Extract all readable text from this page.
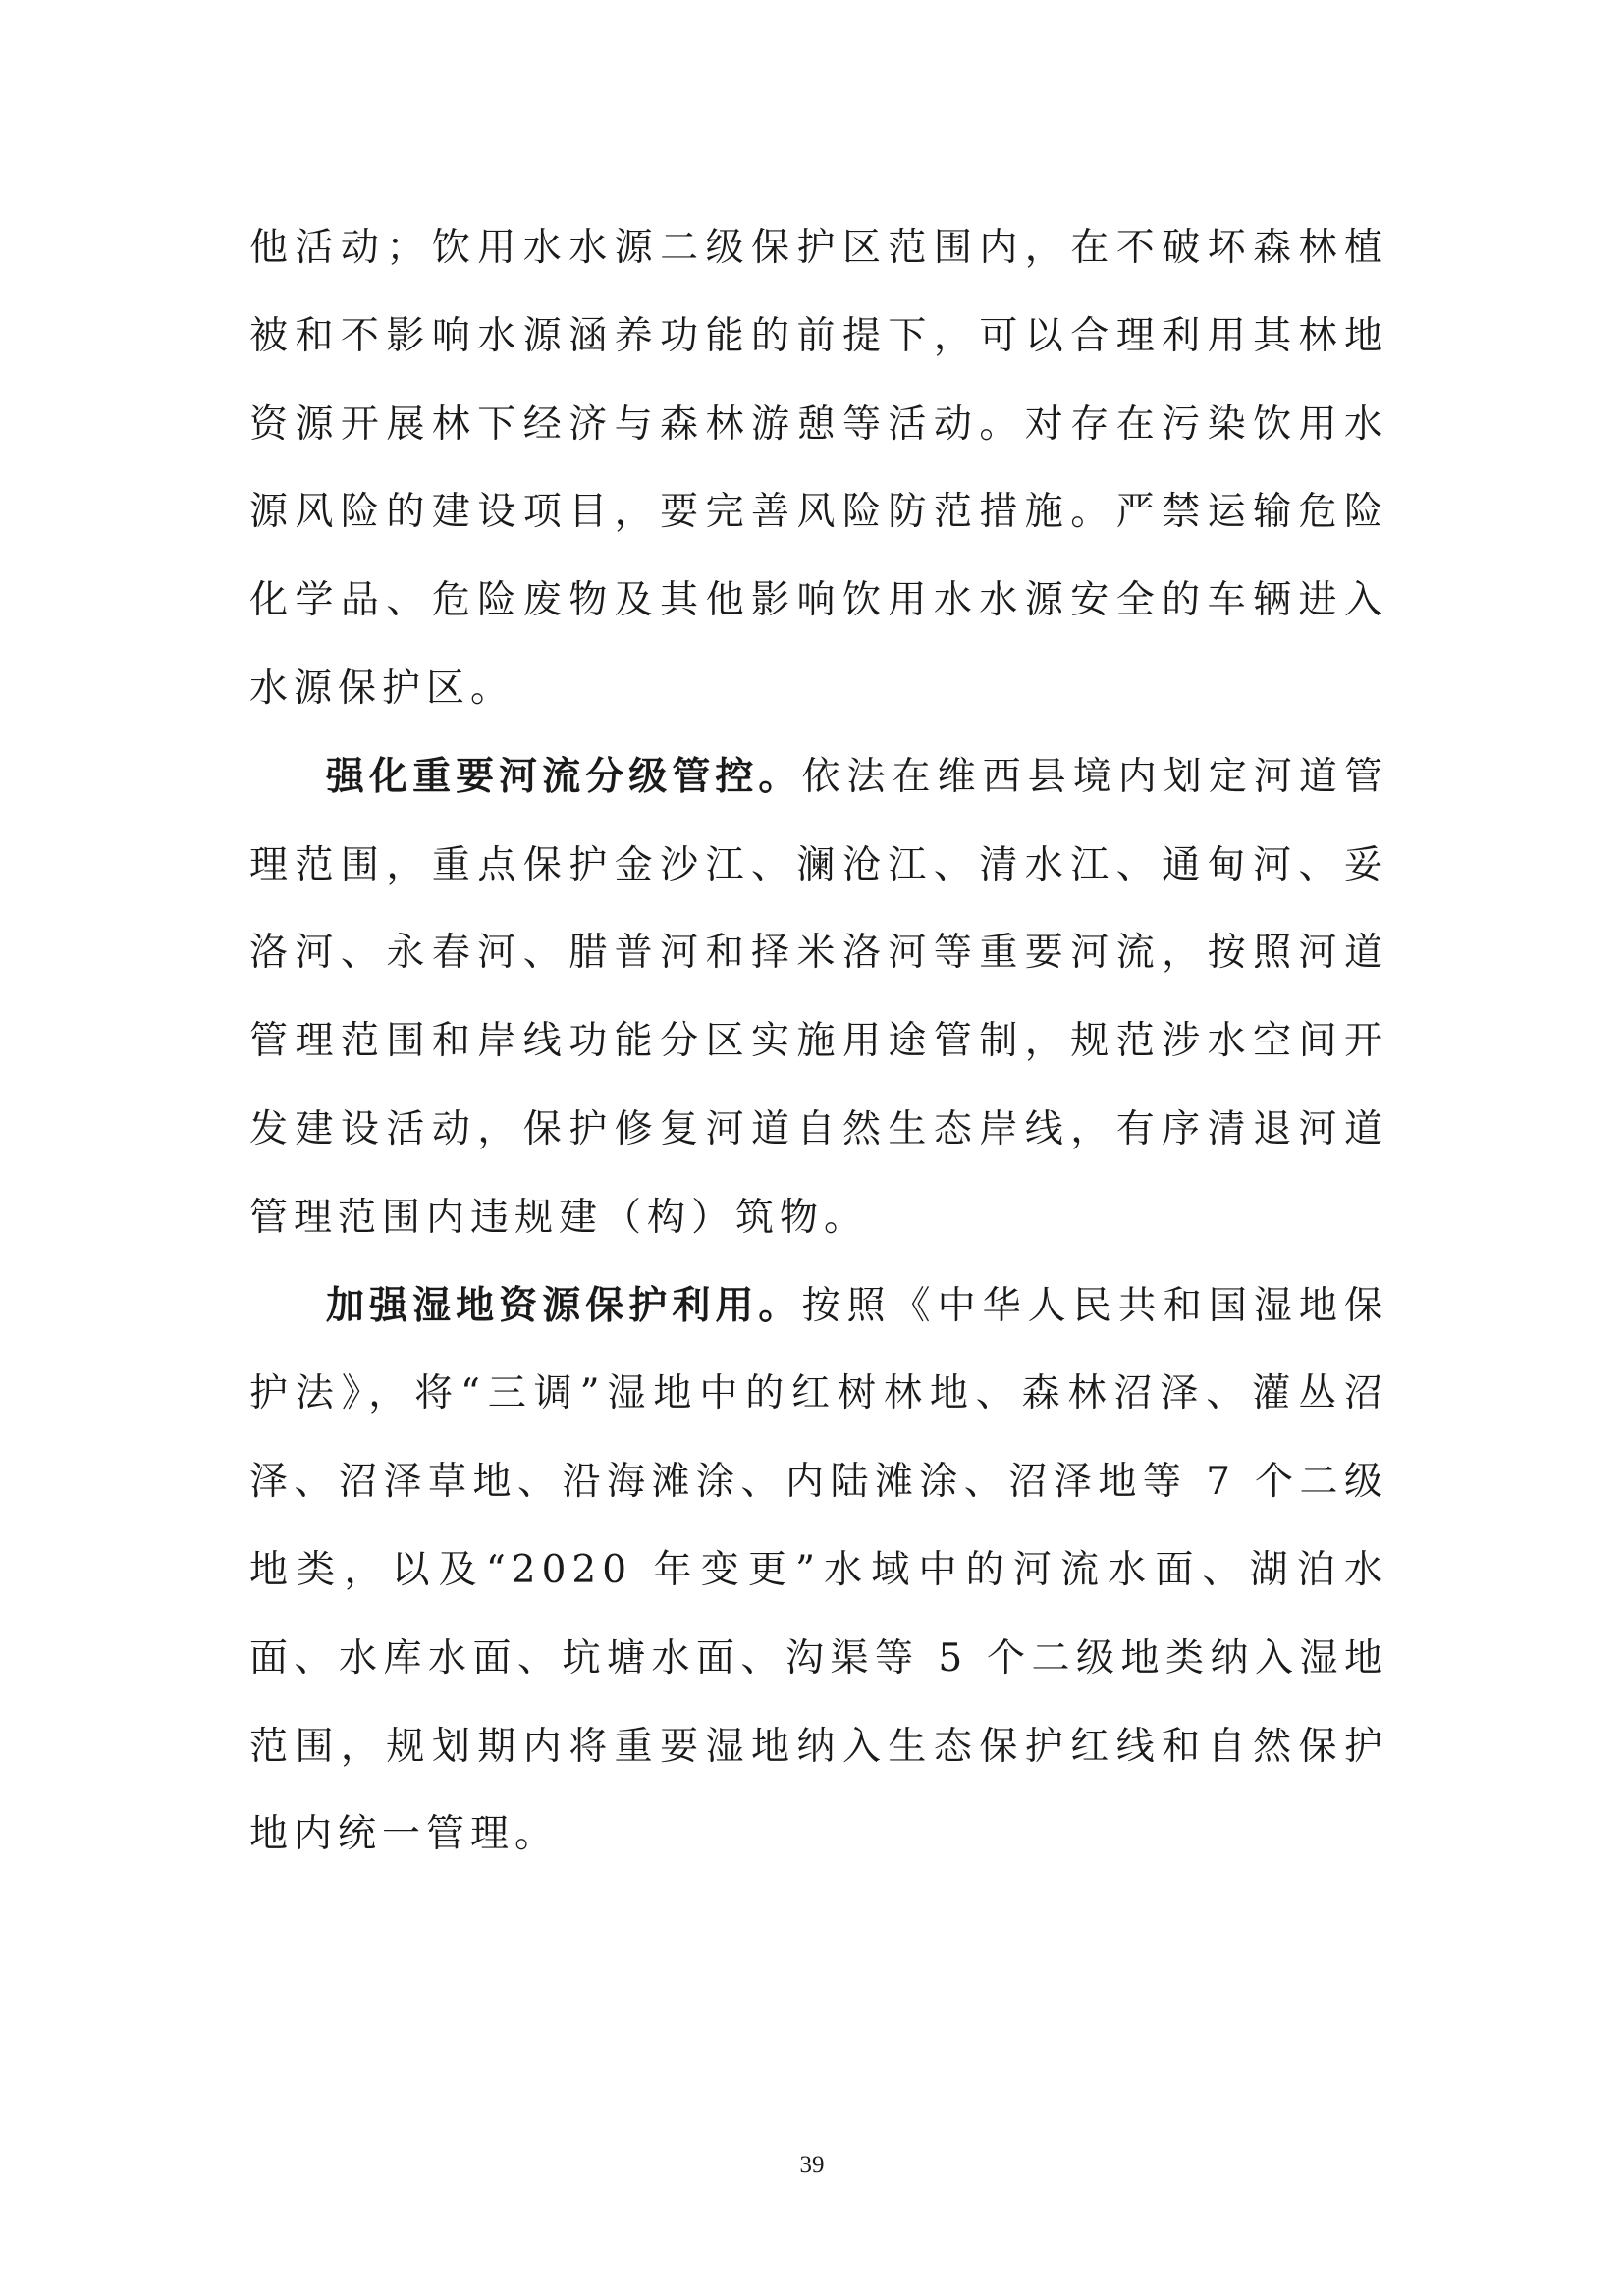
他活动；饮用水水源二级保护区范围内，在不破坏森林植被和不影响水源涵养功能的前提下，可以合理利用其林地资源开展林下经济与森林游憩等活动。对存在污染饮用水源风险的建设项目，要完善风险防范措施。严禁运输危险化学品、危险废物及其他影响饮用水水源安全的车辆进入水源保护区。

强化重要河流分级管控。依法在维西县境内划定河道管理范围，重点保护金沙江、澜沧江、清水江、通甸河、妥洛河、永春河、腊普河和择米洛河等重要河流，按照河道管理范围和岸线功能分区实施用途管制，规范涉水空间开发建设活动，保护修复河道自然生态岸线，有序清退河道管理范围内违规建（构）筑物。

加强湿地资源保护利用。按照《中华人民共和国湿地保护法》，将“三调”湿地中的红树林地、森林沼泽、灌丛沼泽、沼泽草地、沿海滩涂、内陆滩涂、沼泽地等 7 个二级地类，以及“2020 年变更”水域中的河流水面、湖泊水面、水库水面、坑塘水面、沟渠等 5 个二级地类纳入湿地范围，规划期内将重要湿地纳入生态保护红线和自然保护地内统一管理。

39
